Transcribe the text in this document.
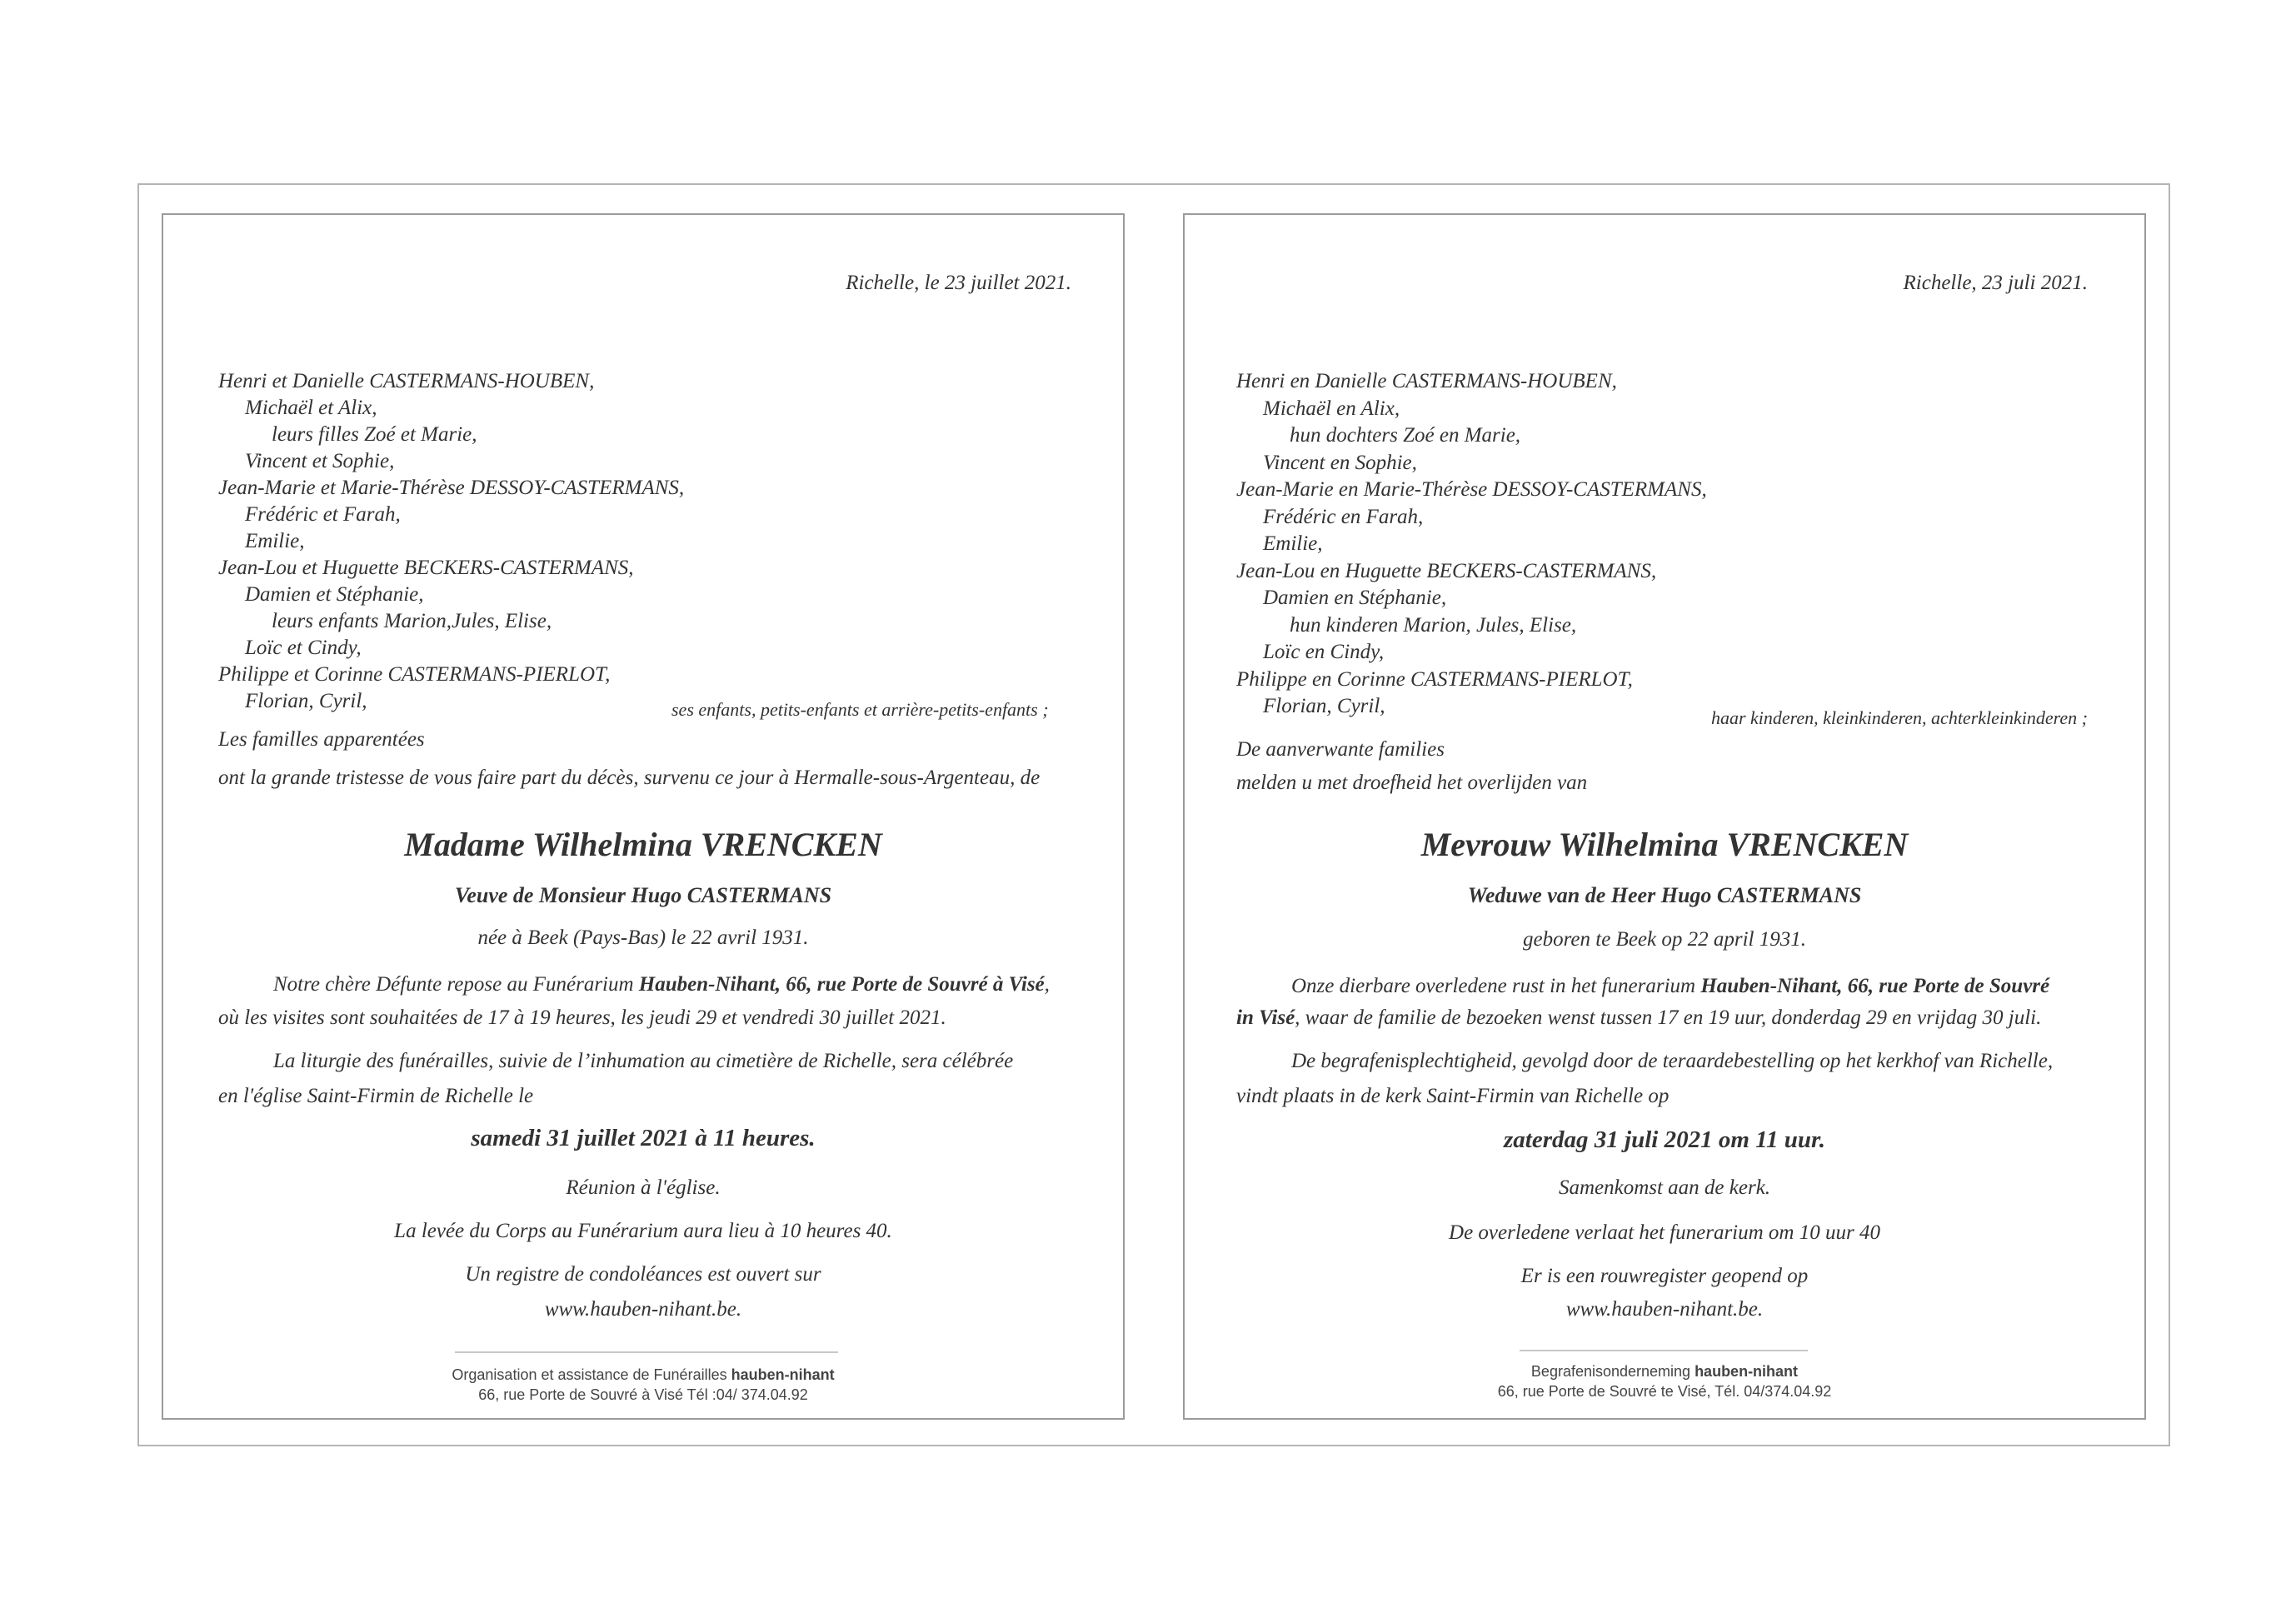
Richelle, le 23 juillet 2021.
Henri et Danielle CASTERMANS-HOUBEN,
Michaël et Alix,
leurs filles Zoé et Marie,
Vincent et Sophie,
Jean-Marie et Marie-Thérèse DESSOY-CASTERMANS,
Frédéric et Farah,
Emilie,
Jean-Lou et Huguette BECKERS-CASTERMANS,
Damien et Stéphanie,
leurs enfants Marion,Jules, Elise,
Loïc et Cindy,
Philippe et Corinne CASTERMANS-PIERLOT,
Florian, Cyril,	ses enfants, petits-enfants et arrière-petits-enfants ;
Les familles apparentées
ont la grande tristesse de vous faire part du décès, survenu ce jour à Hermalle-sous-Argenteau, de
Madame Wilhelmina VRENCKEN
Veuve de Monsieur Hugo CASTERMANS
née à Beek (Pays-Bas) le 22 avril 1931.
Notre chère Défunte repose au Funérarium Hauben-Nihant, 66, rue Porte de Souvré à Visé,
où les visites sont souhaitées de 17 à 19 heures, les jeudi 29 et vendredi 30 juillet 2021.
La liturgie des funérailles, suivie de l’inhumation au cimetière de Richelle, sera célébrée
en l'église Saint-Firmin de Richelle le
samedi 31 juillet 2021 à 11 heures.
Réunion à l'église.
La levée du Corps au Funérarium aura lieu à 10 heures 40.
Un registre de condoléances est ouvert sur
www.hauben-nihant.be.
Organisation et assistance de Funérailles hauben-nihant
66, rue Porte de Souvré à Visé Tél :04/ 374.04.92
Richelle, 23 juli 2021.
Henri en Danielle CASTERMANS-HOUBEN,
Michaël en Alix,
hun dochters Zoé en Marie,
Vincent en Sophie,
Jean-Marie en Marie-Thérèse DESSOY-CASTERMANS,
Frédéric en Farah,
Emilie,
Jean-Lou en Huguette BECKERS-CASTERMANS,
Damien en Stéphanie,
hun kinderen Marion, Jules, Elise,
Loïc en Cindy,
Philippe en Corinne CASTERMANS-PIERLOT,
Florian, Cyril,
haar kinderen, kleinkinderen, achterkleinkinderen ;
De aanverwante families
melden u met droefheid het overlijden van
Mevrouw Wilhelmina VRENCKEN
Weduwe van de Heer Hugo CASTERMANS
geboren te Beek op 22 april 1931.
Onze dierbare overledene rust in het funerarium Hauben-Nihant, 66, rue Porte de Souvré
in Visé, waar de familie de bezoeken wenst tussen 17 en 19 uur, donderdag 29 en vrijdag 30 juli.
De begrafenisplechtigheid, gevolgd door de teraardebestelling op het kerkhof van Richelle,
vindt plaats in de kerk Saint-Firmin van Richelle op
zaterdag 31 juli 2021 om 11 uur.
Samenkomst aan de kerk.
De overledene verlaat het funerarium om 10 uur 40
Er is een rouwregister geopend op
www.hauben-nihant.be.
Begrafenisonderneming hauben-nihant
66, rue Porte de Souvré te Visé, Tél. 04/374.04.92
